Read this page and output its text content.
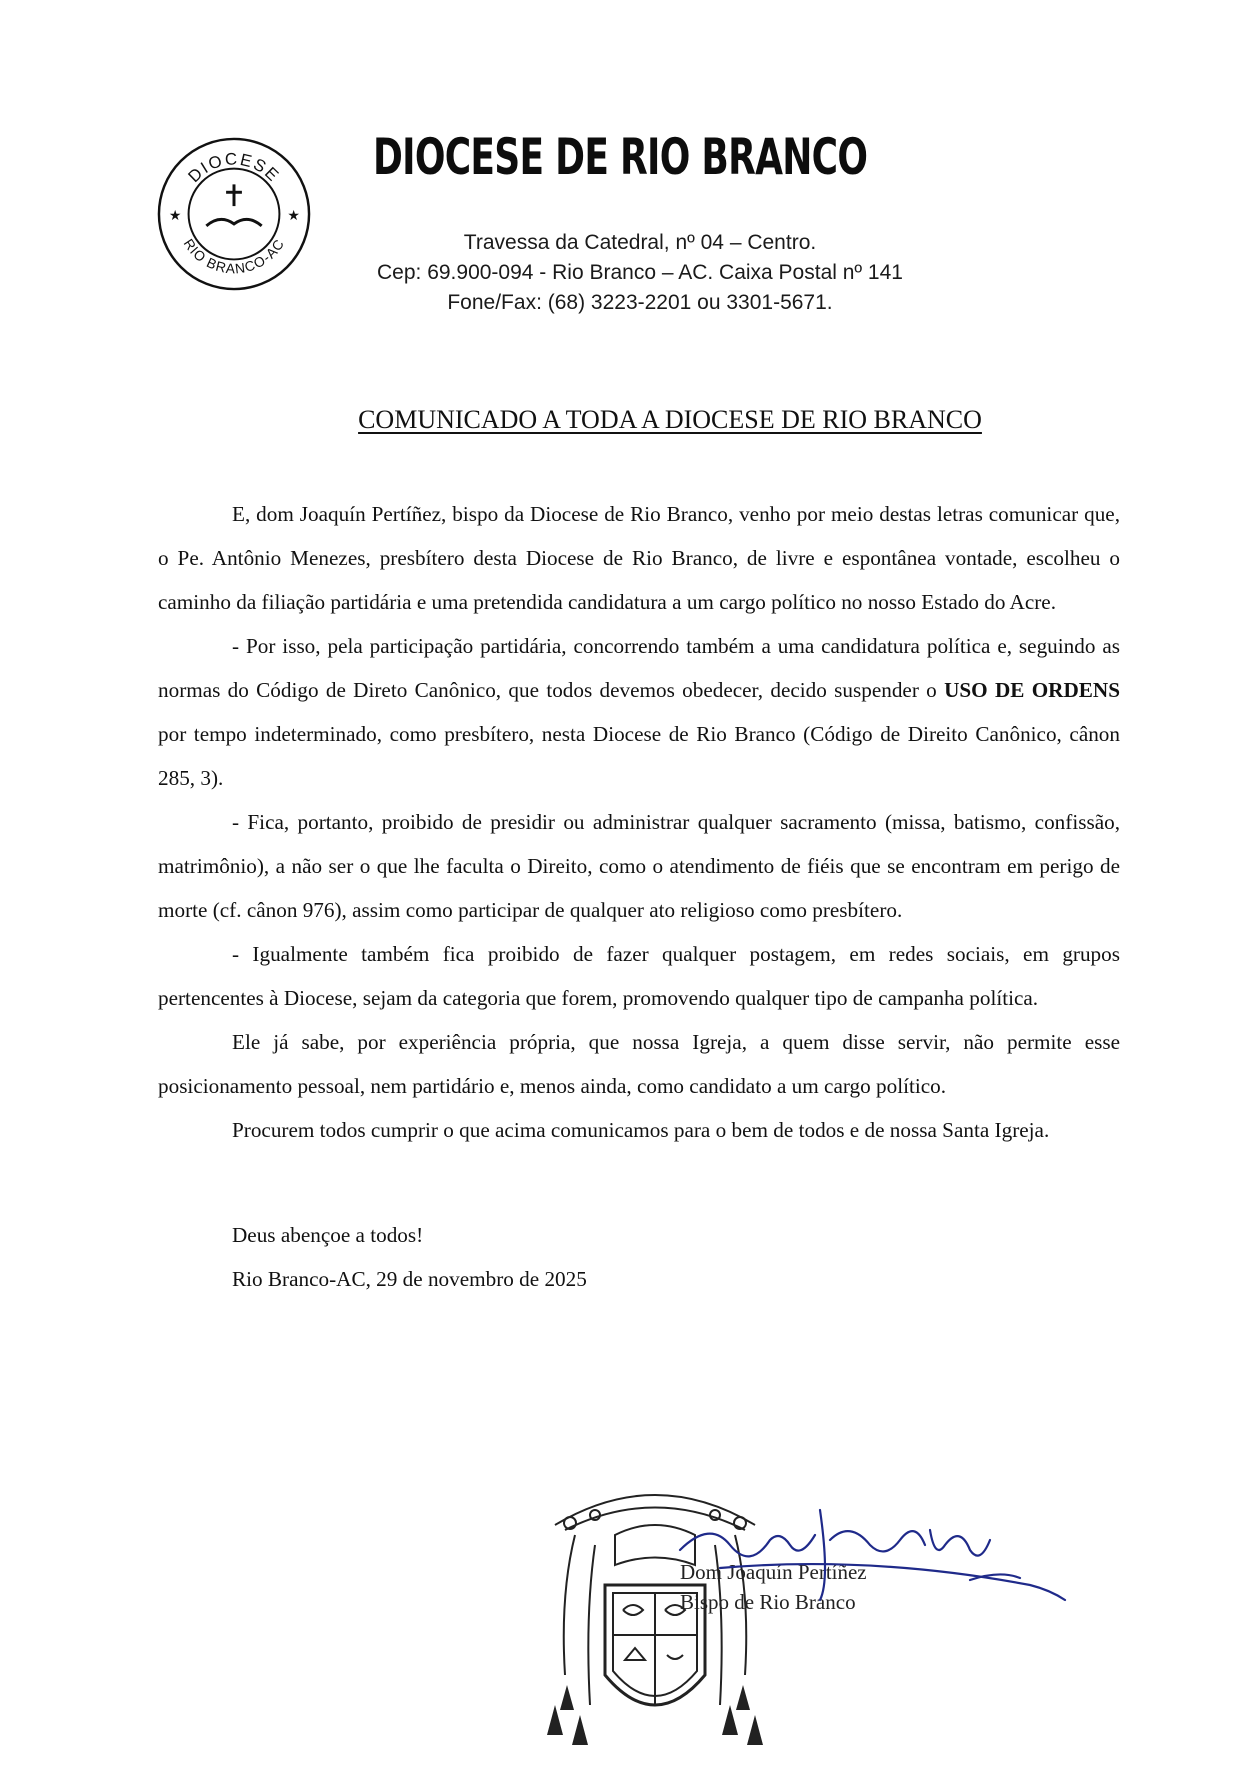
DIOCESE
RIO BRANCO-AC
★	★
DIOCESE DE RIO BRANCO
Travessa da Catedral, nº 04 – Centro.
Cep: 69.900-094 - Rio Branco – AC. Caixa Postal nº 141
Fone/Fax: (68) 3223-2201 ou 3301-5671.
COMUNICADO A TODA A DIOCESE DE RIO BRANCO

E, dom Joaquín Pertíñez, bispo da Diocese de Rio Branco, venho por meio destas letras comunicar que, o Pe. Antônio Menezes, presbítero desta Diocese de Rio Branco, de livre e espontânea vontade, escolheu o caminho da filiação partidária e uma pretendida candidatura a um cargo político no nosso Estado do Acre.

- Por isso, pela participação partidária, concorrendo também a uma candidatura política e, seguindo as normas do Código de Direto Canônico, que todos devemos obedecer, decido suspender o USO DE ORDENS por tempo indeterminado, como presbítero, nesta Diocese de Rio Branco (Código de Direito Canônico, cânon 285, 3).

- Fica, portanto, proibido de presidir ou administrar qualquer sacramento (missa, batismo, confissão, matrimônio), a não ser o que lhe faculta o Direito, como o atendimento de fiéis que se encontram em perigo de morte (cf. cânon 976), assim como participar de qualquer ato religioso como presbítero.

- Igualmente também fica proibido de fazer qualquer postagem, em redes sociais, em grupos pertencentes à Diocese, sejam da categoria que forem, promovendo qualquer tipo de campanha política.

Ele já sabe, por experiência própria, que nossa Igreja, a quem disse servir, não permite esse posicionamento pessoal, nem partidário e, menos ainda, como candidato a um cargo político.

Procurem todos cumprir o que acima comunicamos para o bem de todos e de nossa Santa Igreja.

Deus abençoe a todos!
Rio Branco-AC, 29 de novembro de 2025
Dom Joaquín Pertíñez
Bispo de Rio Branco
